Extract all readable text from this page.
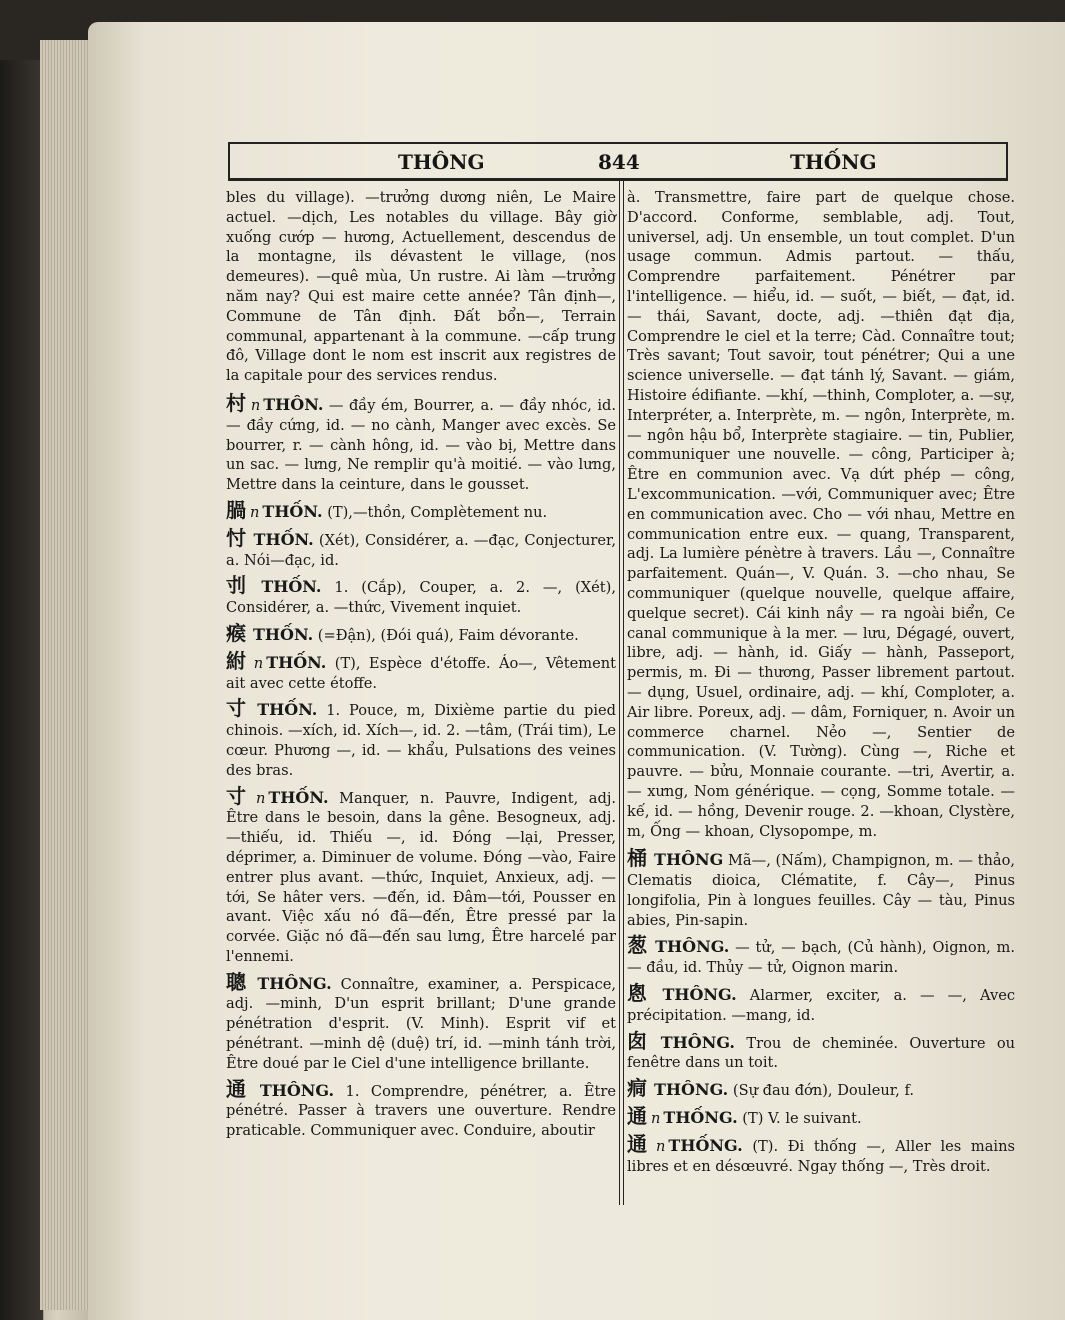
THÔNG	844	THỐNG

bles du village). —trưởng dương niên, Le Maire actuel. —dịch, Les notables du village. Bây giờ xuống cướp — hương, Actuellement, descendus de la montagne, ils dévastent le village, (nos demeures). —quê mùa, Un rustre. Ai làm —trưởng năm nay? Qui est maire cette année? Tân định—, Commune de Tân định. Đất bổn—, Terrain communal, appartenant à la commune. —cấp trung đô, Village dont le nom est inscrit aux registres de la capitale pour des services rendus.

村 n THÔN. — đầy ém, Bourrer, a. — đầy nhóc, id. — đầy cứng, id. — no cành, Manger avec excès. Se bourrer, r. — cành hông, id. — vào bị, Mettre dans un sac. — lưng, Ne remplir qu'à moitié. — vào lưng, Mettre dans la ceinture, dans le gousset.

腡 n THỐN. (T),—thồn, Complètement nu.

忖 THỐN. (Xét), Considérer, a. —đạc, Conjecturer, a. Nói—đạc, id.

刌 THỐN. 1. (Cắp), Couper, a. 2. —, (Xét), Considérer, a. —thức, Vivement inquiet.

瘊 THỐN. (=Đận), (Đói quá), Faim dévorante.

紨 n THỐN. (T), Espèce d'étoffe. Áo—, Vêtement ait avec cette étoffe.

寸 THỐN. 1. Pouce, m, Dixième partie du pied chinois. —xích, id. Xích—, id. 2. —tâm, (Trái tim), Le cœur. Phương —, id. — khẩu, Pulsations des veines des bras.

寸 n THỐN. Manquer, n. Pauvre, Indigent, adj. Être dans le besoin, dans la gêne. Besogneux, adj. —thiếu, id. Thiếu —, id. Đóng —lại, Presser, déprimer, a. Diminuer de volume. Đóng —vào, Faire entrer plus avant. —thức, Inquiet, Anxieux, adj. —tới, Se hâter vers. —đến, id. Đâm—tới, Pousser en avant. Việc xấu nó đã—đến, Être pressé par la corvée. Giặc nó đã—đến sau lưng, Être harcelé par l'ennemi.

聰 THÔNG. Connaître, examiner, a. Perspicace, adj. —minh, D'un esprit brillant; D'une grande pénétration d'esprit. (V. Minh). Esprit vif et pénétrant. —minh dệ (duệ) trí, id. —minh tánh trời, Être doué par le Ciel d'une intelligence brillante.

通 THÔNG. 1. Comprendre, pénétrer, a. Être pénétré. Passer à travers une ouverture. Rendre praticable. Communiquer avec. Conduire, aboutir

à. Transmettre, faire part de quelque chose. D'accord. Conforme, semblable, adj. Tout, universel, adj. Un ensemble, un tout complet. D'un usage commun. Admis partout. — thấu, Comprendre parfaitement. Pénétrer par l'intelligence. — hiểu, id. — suốt, — biết, — đạt, id. — thái, Savant, docte, adj. —thiên đạt địa, Comprendre le ciel et la terre; Càd. Connaître tout; Très savant; Tout savoir, tout pénétrer; Qui a une science universelle. — đạt tánh lý, Savant. — giám, Histoire édifiante. —khí, —thinh, Comploter, a. —sự, Interpréter, a. Interprète, m. — ngôn, Interprète, m. — ngôn hậu bổ, Interprète stagiaire. — tin, Publier, communiquer une nouvelle. — công, Participer à; Être en communion avec. Vạ dứt phép — công, L'excommunication. —với, Communiquer avec; Être en communication avec. Cho — với nhau, Mettre en communication entre eux. — quang, Transparent, adj. La lumière pénètre à travers. Lầu —, Connaître parfaitement. Quán—, V. Quán. 3. —cho nhau, Se communiquer (quelque nouvelle, quelque affaire, quelque secret). Cái kinh nầy — ra ngoài biển, Ce canal communique à la mer. — lưu, Dégagé, ouvert, libre, adj. — hành, id. Giấy — hành, Passeport, permis, m. Đi — thương, Passer librement partout. — dụng, Usuel, ordinaire, adj. — khí, Comploter, a. Air libre. Poreux, adj. — dâm, Forniquer, n. Avoir un commerce charnel. Nẻo —, Sentier de communication. (V. Tường). Cùng —, Riche et pauvre. — bửu, Monnaie courante. —tri, Avertir, a. — xưng, Nom générique. — cọng, Somme totale. — kế, id. — hồng, Devenir rouge. 2. —khoan, Clystère, m, Ống — khoan, Clysopompe, m.

桶 THÔNG Mã—, (Nấm), Champignon, m. — thảo, Clematis dioica, Clématite, f. Cây—, Pinus longifolia, Pin à longues feuilles. Cây — tàu, Pinus abies, Pin-sapin.

葱 THÔNG. — tử, — bạch, (Củ hành), Oignon, m. — đầu, id. Thủy — tử, Oignon marin.

悤 THÔNG. Alarmer, exciter, a. — —, Avec précipitation. —mang, id.

囱 THÔNG. Trou de cheminée. Ouverture ou fenêtre dans un toit.

痌 THÔNG. (Sự đau đớn), Douleur, f.

通 n THỐNG. (T) V. le suivant.

通 n THỐNG. (T). Đi thống —, Aller les mains libres et en désœuvré. Ngay thống —, Très droit.
